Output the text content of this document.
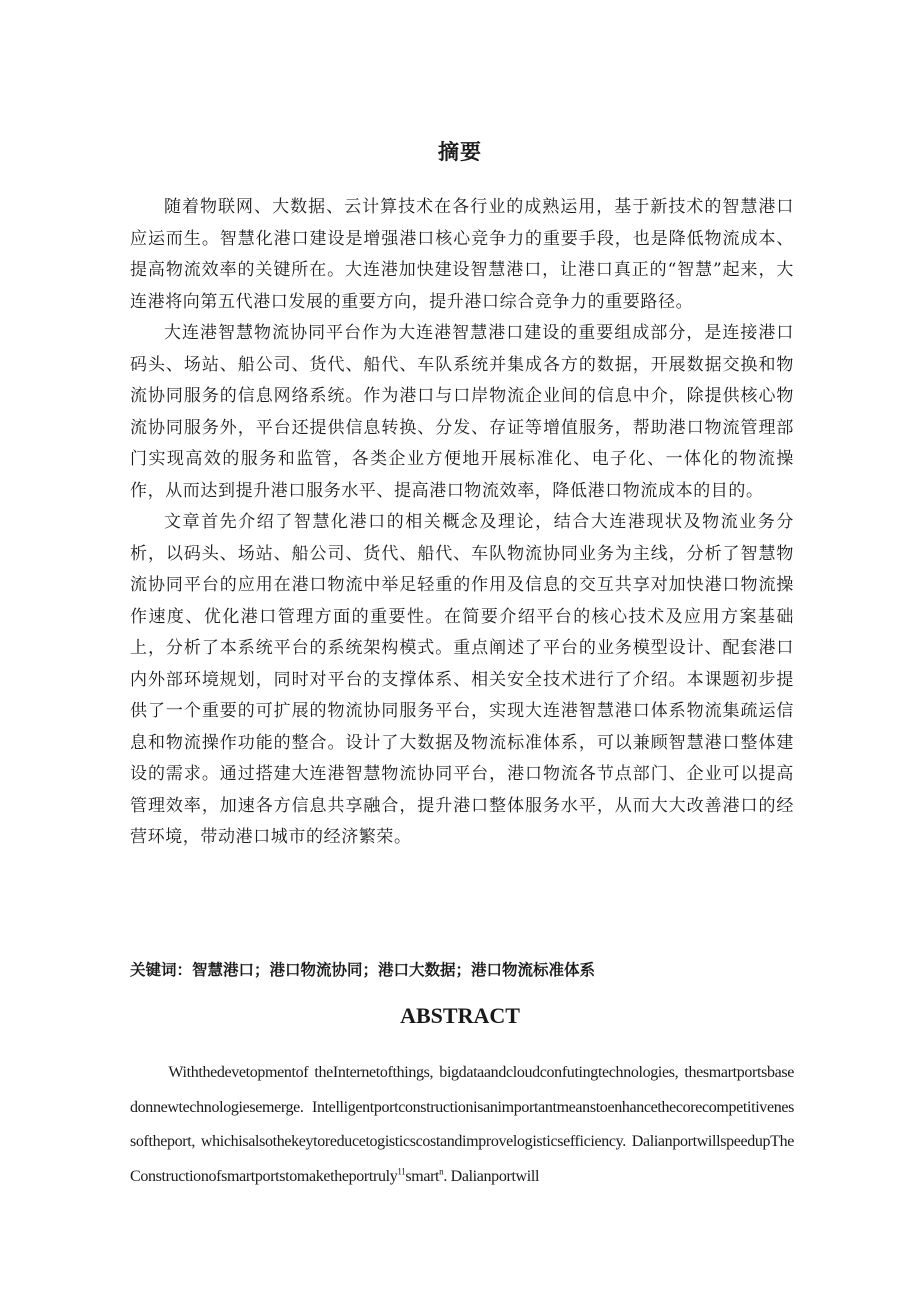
摘要

随着物联网、大数据、云计算技术在各行业的成熟运用，基于新技术的智慧港口应运而生。智慧化港口建设是增强港口核心竞争力的重要手段，也是降低物流成本、提高物流效率的关键所在。大连港加快建设智慧港口，让港口真正的“智慧”起来，大连港将向第五代港口发展的重要方向，提升港口综合竞争力的重要路径。

大连港智慧物流协同平台作为大连港智慧港口建设的重要组成部分，是连接港口码头、场站、船公司、货代、船代、车队系统并集成各方的数据，开展数据交换和物流协同服务的信息网络系统。作为港口与口岸物流企业间的信息中介，除提供核心物流协同服务外，平台还提供信息转换、分发、存证等增值服务，帮助港口物流管理部门实现高效的服务和监管，各类企业方便地开展标准化、电子化、一体化的物流操作，从而达到提升港口服务水平、提高港口物流效率，降低港口物流成本的目的。

文章首先介绍了智慧化港口的相关概念及理论，结合大连港现状及物流业务分析，以码头、场站、船公司、货代、船代、车队物流协同业务为主线，分析了智慧物流协同平台的应用在港口物流中举足轻重的作用及信息的交互共享对加快港口物流操作速度、优化港口管理方面的重要性。在简要介绍平台的核心技术及应用方案基础上，分析了本系统平台的系统架构模式。重点阐述了平台的业务模型设计、配套港口内外部环境规划，同时对平台的支撑体系、相关安全技术进行了介绍。本课题初步提供了一个重要的可扩展的物流协同服务平台，实现大连港智慧港口体系物流集疏运信息和物流操作功能的整合。设计了大数据及物流标准体系，可以兼顾智慧港口整体建设的需求。通过搭建大连港智慧物流协同平台，港口物流各节点部门、企业可以提高管理效率，加速各方信息共享融合，提升港口整体服务水平，从而大大改善港口的经营环境，带动港口城市的经济繁荣。

关键词：智慧港口；港口物流协同；港口大数据；港口物流标准体系
ABSTRACT

Withthedevetopmentof theInternetofthings, bigdataandcloudconfutingtechnologies, thesmartportsbasedonnewtechnologiesemerge. Intelligentportconstructionisanimportantmeanstoenhancethecorecompetitivenessoftheport, whichisalsothekeytoreducetogisticscostandimprovelogisticsefficiency. DalianportwillspeedupTheConstructionofsmartportstomaketheportruly$^{11}$smart$^n$. Dalianportwill
